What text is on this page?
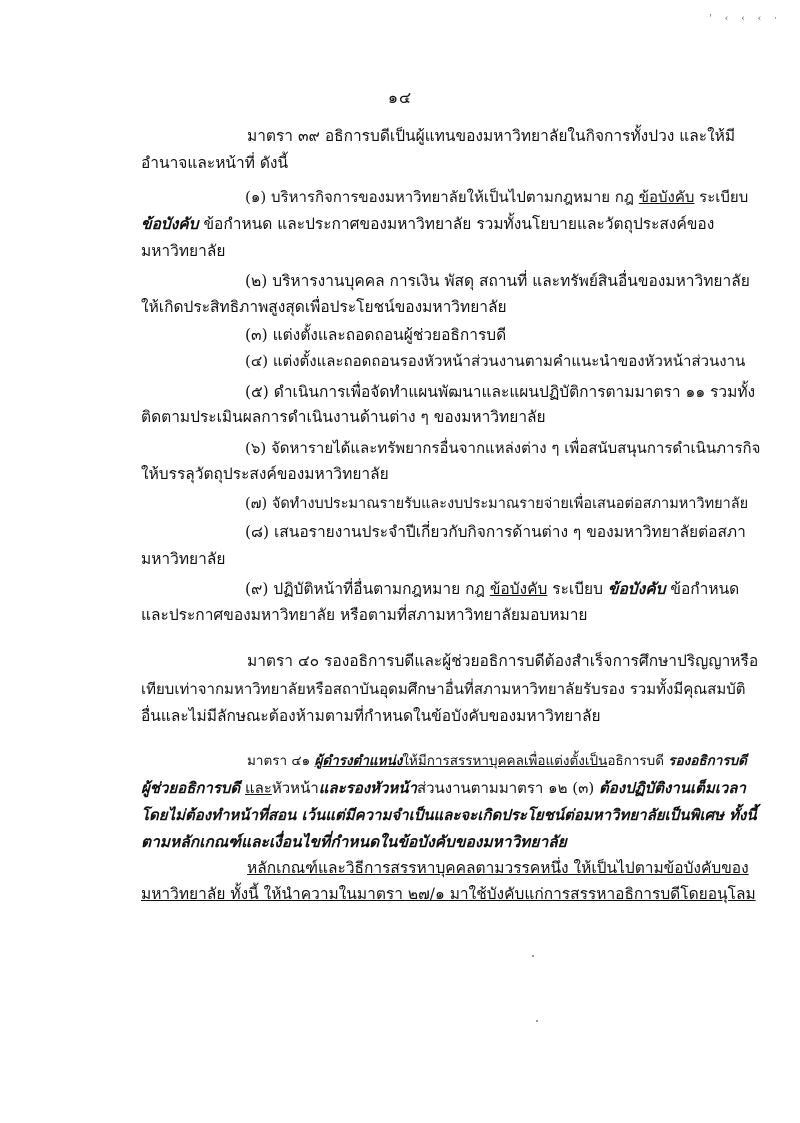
' ‹ ‹ ‹ ·
๑๔
มาตรา ๓๙ อธิการบดีเป็นผู้แทนของมหาวิทยาลัยในกิจการทั้งปวง และให้มี
อำนาจและหน้าที่ ดังนี้
(๑) บริหารกิจการของมหาวิทยาลัยให้เป็นไปตามกฎหมาย กฎ ข้อบังคับ ระเบียบ
ข้อบังคับ ข้อกำหนด และประกาศของมหาวิทยาลัย รวมทั้งนโยบายและวัตถุประสงค์ของ
มหาวิทยาลัย
(๒) บริหารงานบุคคล การเงิน พัสดุ สถานที่ และทรัพย์สินอื่นของมหาวิทยาลัย
ให้เกิดประสิทธิภาพสูงสุดเพื่อประโยชน์ของมหาวิทยาลัย
(๓) แต่งตั้งและถอดถอนผู้ช่วยอธิการบดี
(๔) แต่งตั้งและถอดถอนรองหัวหน้าส่วนงานตามคำแนะนำของหัวหน้าส่วนงาน
(๕) ดำเนินการเพื่อจัดทำแผนพัฒนาและแผนปฏิบัติการตามมาตรา ๑๑ รวมทั้ง
ติดตามประเมินผลการดำเนินงานด้านต่าง ๆ ของมหาวิทยาลัย
(๖) จัดหารายได้และทรัพยากรอื่นจากแหล่งต่าง ๆ เพื่อสนับสนุนการดำเนินภารกิจ
ให้บรรลุวัตถุประสงค์ของมหาวิทยาลัย
(๗) จัดทำงบประมาณรายรับและงบประมาณรายจ่ายเพื่อเสนอต่อสภามหาวิทยาลัย
(๘) เสนอรายงานประจำปีเกี่ยวกับกิจการด้านต่าง ๆ ของมหาวิทยาลัยต่อสภา
มหาวิทยาลัย
(๙) ปฏิบัติหน้าที่อื่นตามกฎหมาย กฎ ข้อบังคับ ระเบียบ ข้อบังคับ ข้อกำหนด
และประกาศของมหาวิทยาลัย หรือตามที่สภามหาวิทยาลัยมอบหมาย
มาตรา ๔๐ รองอธิการบดีและผู้ช่วยอธิการบดีต้องสำเร็จการศึกษาปริญญาหรือ
เทียบเท่าจากมหาวิทยาลัยหรือสถาบันอุดมศึกษาอื่นที่สภามหาวิทยาลัยรับรอง รวมทั้งมีคุณสมบัติ
อื่นและไม่มีลักษณะต้องห้ามตามที่กำหนดในข้อบังคับของมหาวิทยาลัย
มาตรา ๔๑ ผู้ดำรงตำแหน่งให้มีการสรรหาบุคคลเพื่อแต่งตั้งเป็นอธิการบดี รองอธิการบดี
ผู้ช่วยอธิการบดี และหัวหน้าและรองหัวหน้าส่วนงานตามมาตรา ๑๒ (๓) ต้องปฏิบัติงานเต็มเวลา
โดยไม่ต้องทำหน้าที่สอน เว้นแต่มีความจำเป็นและจะเกิดประโยชน์ต่อมหาวิทยาลัยเป็นพิเศษ ทั้งนี้
ตามหลักเกณฑ์และเงื่อนไขที่กำหนดในข้อบังคับของมหาวิทยาลัย
หลักเกณฑ์และวิธีการสรรหาบุคคลตามวรรคหนึ่ง ให้เป็นไปตามข้อบังคับของ
มหาวิทยาลัย ทั้งนี้ ให้นำความในมาตรา ๒๗/๑ มาใช้บังคับแก่การสรรหาอธิการบดีโดยอนุโลม
